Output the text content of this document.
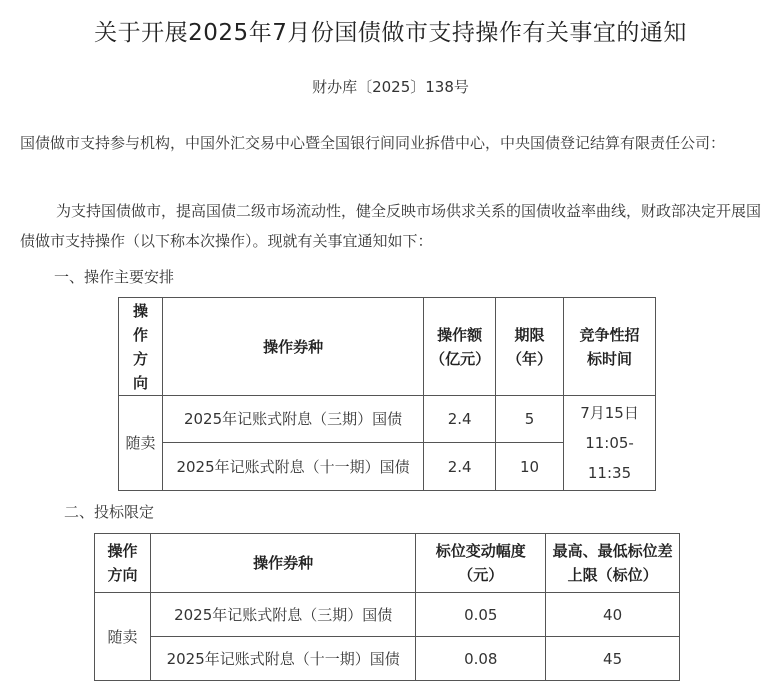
关于开展2025年7月份国债做市支持操作有关事宜的通知
财办库〔2025〕138号
国债做市支持参与机构，中国外汇交易中心暨全国银行间同业拆借中心，中央国债登记结算有限责任公司：
为支持国债做市，提高国债二级市场流动性，健全反映市场供求关系的国债收益率曲线，财政部决定开展国债做市支持操作（以下称本次操作）。现就有关事宜通知如下：
一、操作主要安排
操作方向	操作券种	操作额（亿元）	期限（年）	竞争性招标时间
随卖	2025年记账式附息（三期）国债	2.4	5	7月15日 11:05-11:35
	2025年记账式附息（十一期）国债	2.4	10	
二、投标限定
操作方向	操作券种	标位变动幅度（元）	最高、最低标位差上限（标位）
随卖	2025年记账式附息（三期）国债	0.05	40
	2025年记账式附息（十一期）国债	0.08	45
